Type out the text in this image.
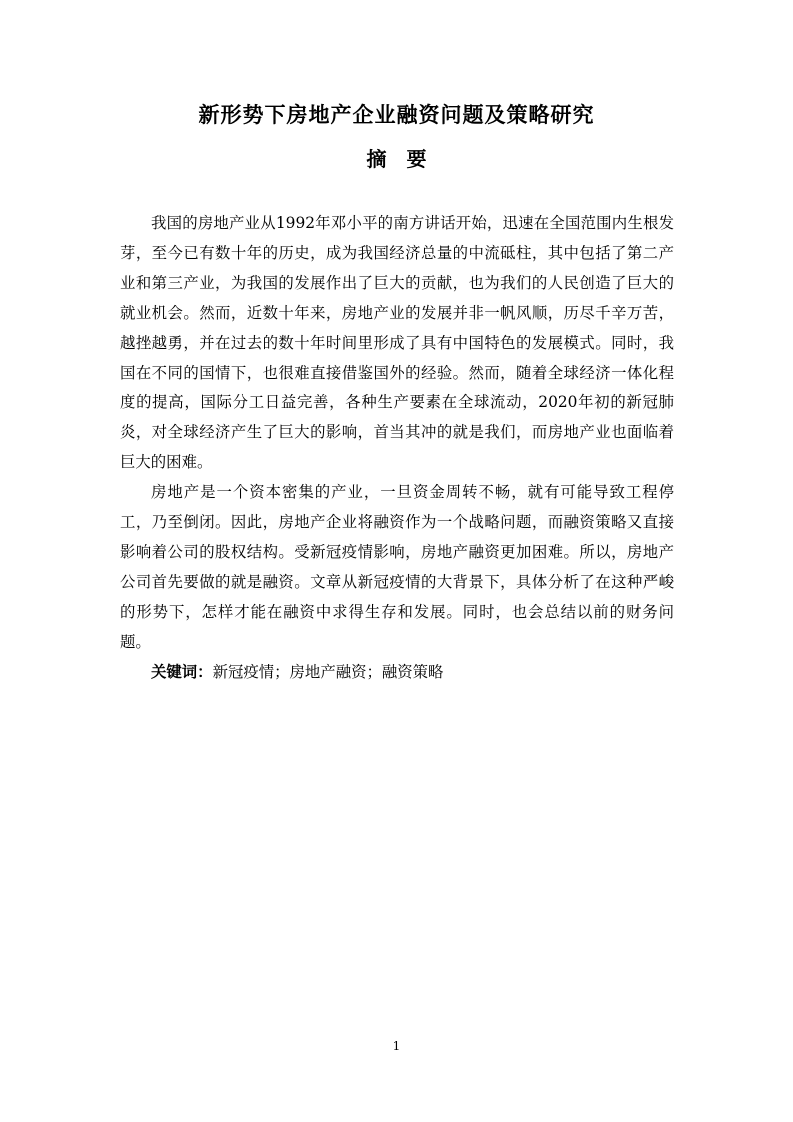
新形势下房地产企业融资问题及策略研究
摘 要

我国的房地产业从1992年邓小平的南方讲话开始，迅速在全国范围内生根发芽，至今已有数十年的历史，成为我国经济总量的中流砥柱，其中包括了第二产业和第三产业，为我国的发展作出了巨大的贡献，也为我们的人民创造了巨大的就业机会。然而，近数十年来，房地产业的发展并非一帆风顺，历尽千辛万苦，越挫越勇，并在过去的数十年时间里形成了具有中国特色的发展模式。同时，我国在不同的国情下，也很难直接借鉴国外的经验。然而，随着全球经济一体化程度的提高，国际分工日益完善，各种生产要素在全球流动，2020年初的新冠肺炎，对全球经济产生了巨大的影响，首当其冲的就是我们，而房地产业也面临着巨大的困难。

房地产是一个资本密集的产业，一旦资金周转不畅，就有可能导致工程停工，乃至倒闭。因此，房地产企业将融资作为一个战略问题，而融资策略又直接影响着公司的股权结构。受新冠疫情影响，房地产融资更加困难。所以，房地产公司首先要做的就是融资。文章从新冠疫情的大背景下，具体分析了在这种严峻的形势下，怎样才能在融资中求得生存和发展。同时，也会总结以前的财务问题。

关键词：新冠疫情；房地产融资；融资策略

1
